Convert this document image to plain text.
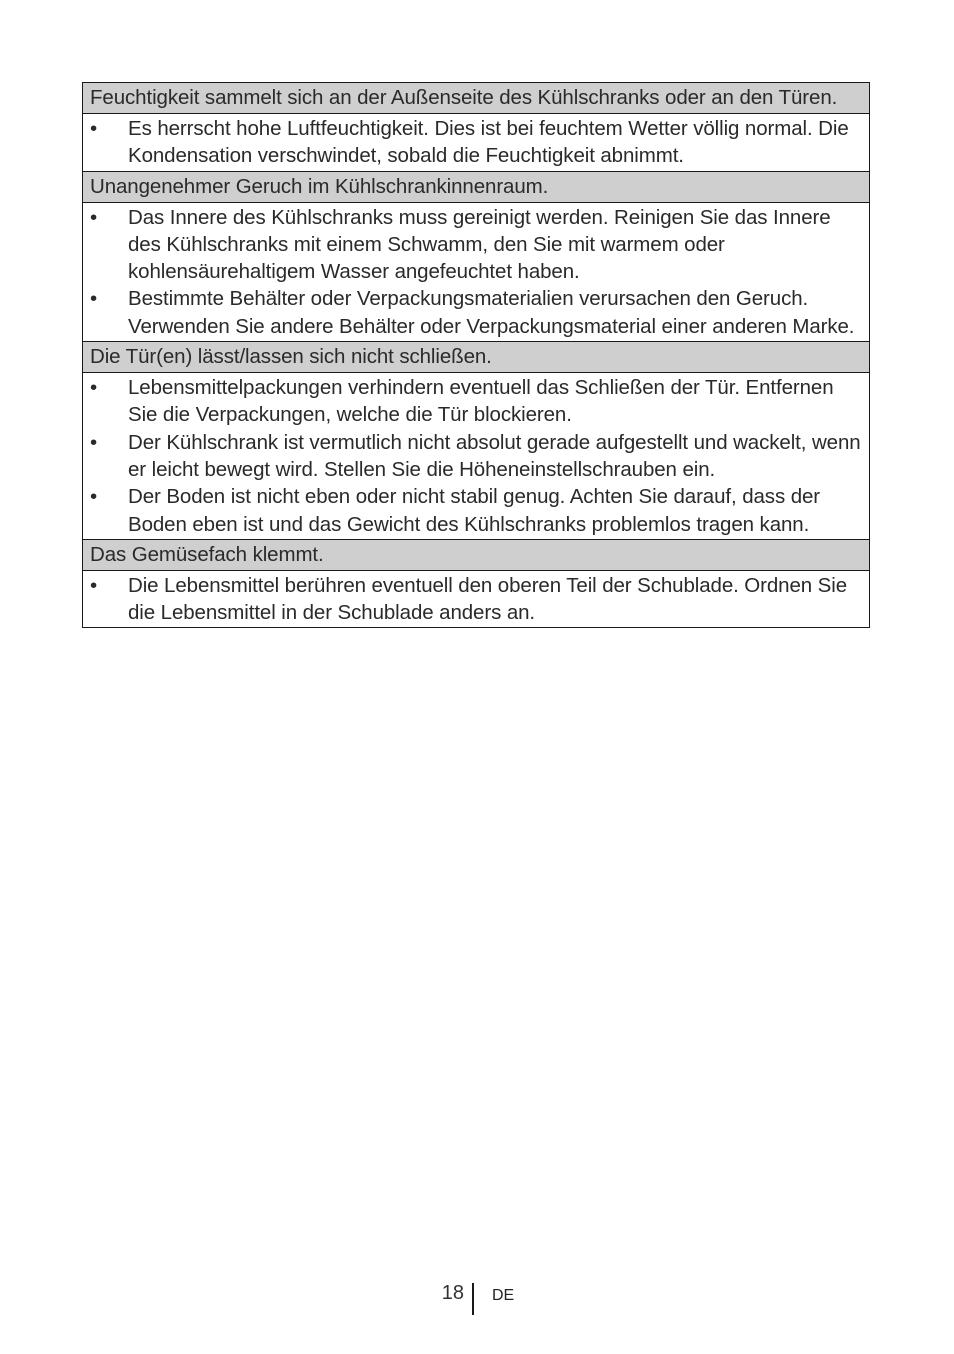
Feuchtigkeit sammelt sich an der Außenseite des Kühlschranks oder an den Türen.
•	Es herrscht hohe Luftfeuchtigkeit. Dies ist bei feuchtem Wetter völlig normal. Die Kondensation verschwindet, sobald die Feuchtigkeit abnimmt.
Unangenehmer Geruch im Kühlschrankinnenraum.
•	Das Innere des Kühlschranks muss gereinigt werden. Reinigen Sie das Innere des Kühlschranks mit einem Schwamm, den Sie mit warmem oder kohlensäurehaltigem Wasser angefeuchtet haben.
•	Bestimmte Behälter oder Verpackungsmaterialien verursachen den Geruch. Verwenden Sie andere Behälter oder Verpackungsmaterial einer anderen Marke.
Die Tür(en) lässt/lassen sich nicht schließen.
•	Lebensmittelpackungen verhindern eventuell das Schließen der Tür. Entfernen Sie die Verpackungen, welche die Tür blockieren.
•	Der Kühlschrank ist vermutlich nicht absolut gerade aufgestellt und wackelt, wenn er leicht bewegt wird. Stellen Sie die Höheneinstellschrauben ein.
•	Der Boden ist nicht eben oder nicht stabil genug. Achten Sie darauf, dass der Boden eben ist und das Gewicht des Kühlschranks problemlos tragen kann.
Das Gemüsefach klemmt.
•	Die Lebensmittel berühren eventuell den oberen Teil der Schublade. Ordnen Sie die Lebensmittel in der Schublade anders an.
18 DE
